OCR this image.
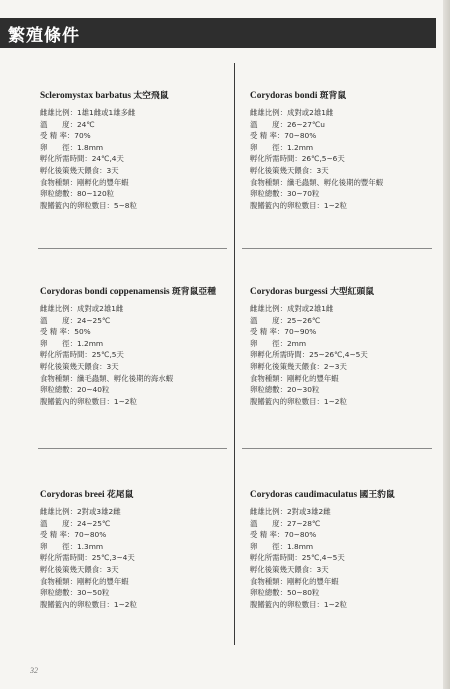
繁殖條件
Scleromystax barbatus 太空飛鼠
雌雄比例：1雄1雌或1雄多雌
溫　　度：24℃
受 精 率：70%
卵　　徑：1.8mm
孵化所需時間：24℃,4天
孵化後策幾天餵食：3天
食物種類：剛孵化的豐年蝦
卵粒總數：80~120粒
腹鰭籃內的卵粒數目：5~8粒
Corydoras bondi 斑背鼠
雌雄比例：成對或2雄1雌
溫　　度：26~27℃u
受 精 率：70~80%
卵　　徑：1.2mm
孵化所需時間：26℃,5~6天
孵化後策幾天餵食：3天
食物種類：纖毛蟲類、孵化後期的豐年蝦
卵粒總數：30~70粒
腹鰭籃內的卵粒數目：1~2粒
Corydoras bondi coppenamensis 斑背鼠亞種
雌雄比例：成對或2雄1雌
溫　　度：24~25℃
受 精 率：50%
卵　　徑：1.2mm
孵化所需時間：25℃,5天
孵化後策幾天餵食：3天
食物種類：纖毛蟲類、孵化後期的海水蝦
卵粒總數：20~40粒
腹鰭籃內的卵粒數目：1~2粒
Corydoras burgessi 大型紅頭鼠
雌雄比例：成對或2雄1雌
溫　　度：25~26℃
受 精 率：70~90%
卵　　徑：2mm
卵孵化所需時間：25~26℃,4~5天
卵孵化後策幾天餵食：2~3天
食物種類：剛孵化的豐年蝦
卵粒總數：20~30粒
腹鰭籃內的卵粒數目：1~2粒
Corydoras breei 花尾鼠
雌雄比例：2對或3雄2雌
溫　　度：24~25℃
受 精 率：70~80%
卵　　徑：1.3mm
孵化所需時間：25℃,3~4天
孵化後策幾天餵食：3天
食物種類：剛孵化的豐年蝦
卵粒總數：30~50粒
腹鰭籃內的卵粒數目：1~2粒
Corydoras caudimaculatus 國王豹鼠
雌雄比例：2對或3雄2雌
溫　　度：27~28℃
受 精 率：70~80%
卵　　徑：1.8mm
孵化所需時間：25℃,4~5天
孵化後策幾天餵食：3天
食物種類：剛孵化的豐年蝦
卵粒總數：50~80粒
腹鰭籃內的卵粒數目：1~2粒
32
